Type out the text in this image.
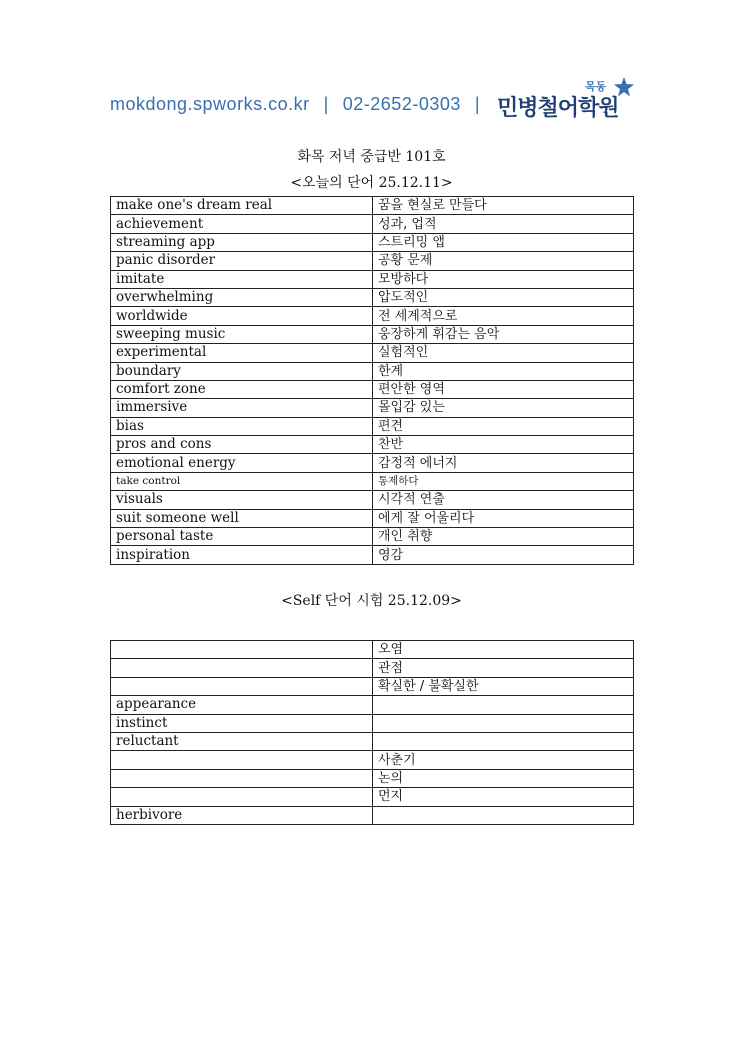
mokdong.spworks.co.kr | 02-2652-0303 |
목동
민병철어학원
화목 저녁 중급반 101호
<오늘의 단어 25.12.11>
make one's dream real	꿈을 현실로 만들다
achievement	성과, 업적
streaming app	스트리밍 앱
panic disorder	공황 문제
imitate	모방하다
overwhelming	압도적인
worldwide	전 세계적으로
sweeping music	웅장하게 휘감는 음악
experimental	실험적인
boundary	한계
comfort zone	편안한 영역
immersive	몰입감 있는
bias	편견
pros and cons	찬반
emotional energy	감정적 에너지
take control	통제하다
visuals	시각적 연출
suit someone well	에게 잘 어울리다
personal taste	개인 취향
inspiration	영감
<Self 단어 시험 25.12.09>
	오염
	관점
	확실한 / 불확실한
appearance	
instinct	
reluctant	
	사춘기
	논의
	먼지
herbivore	
